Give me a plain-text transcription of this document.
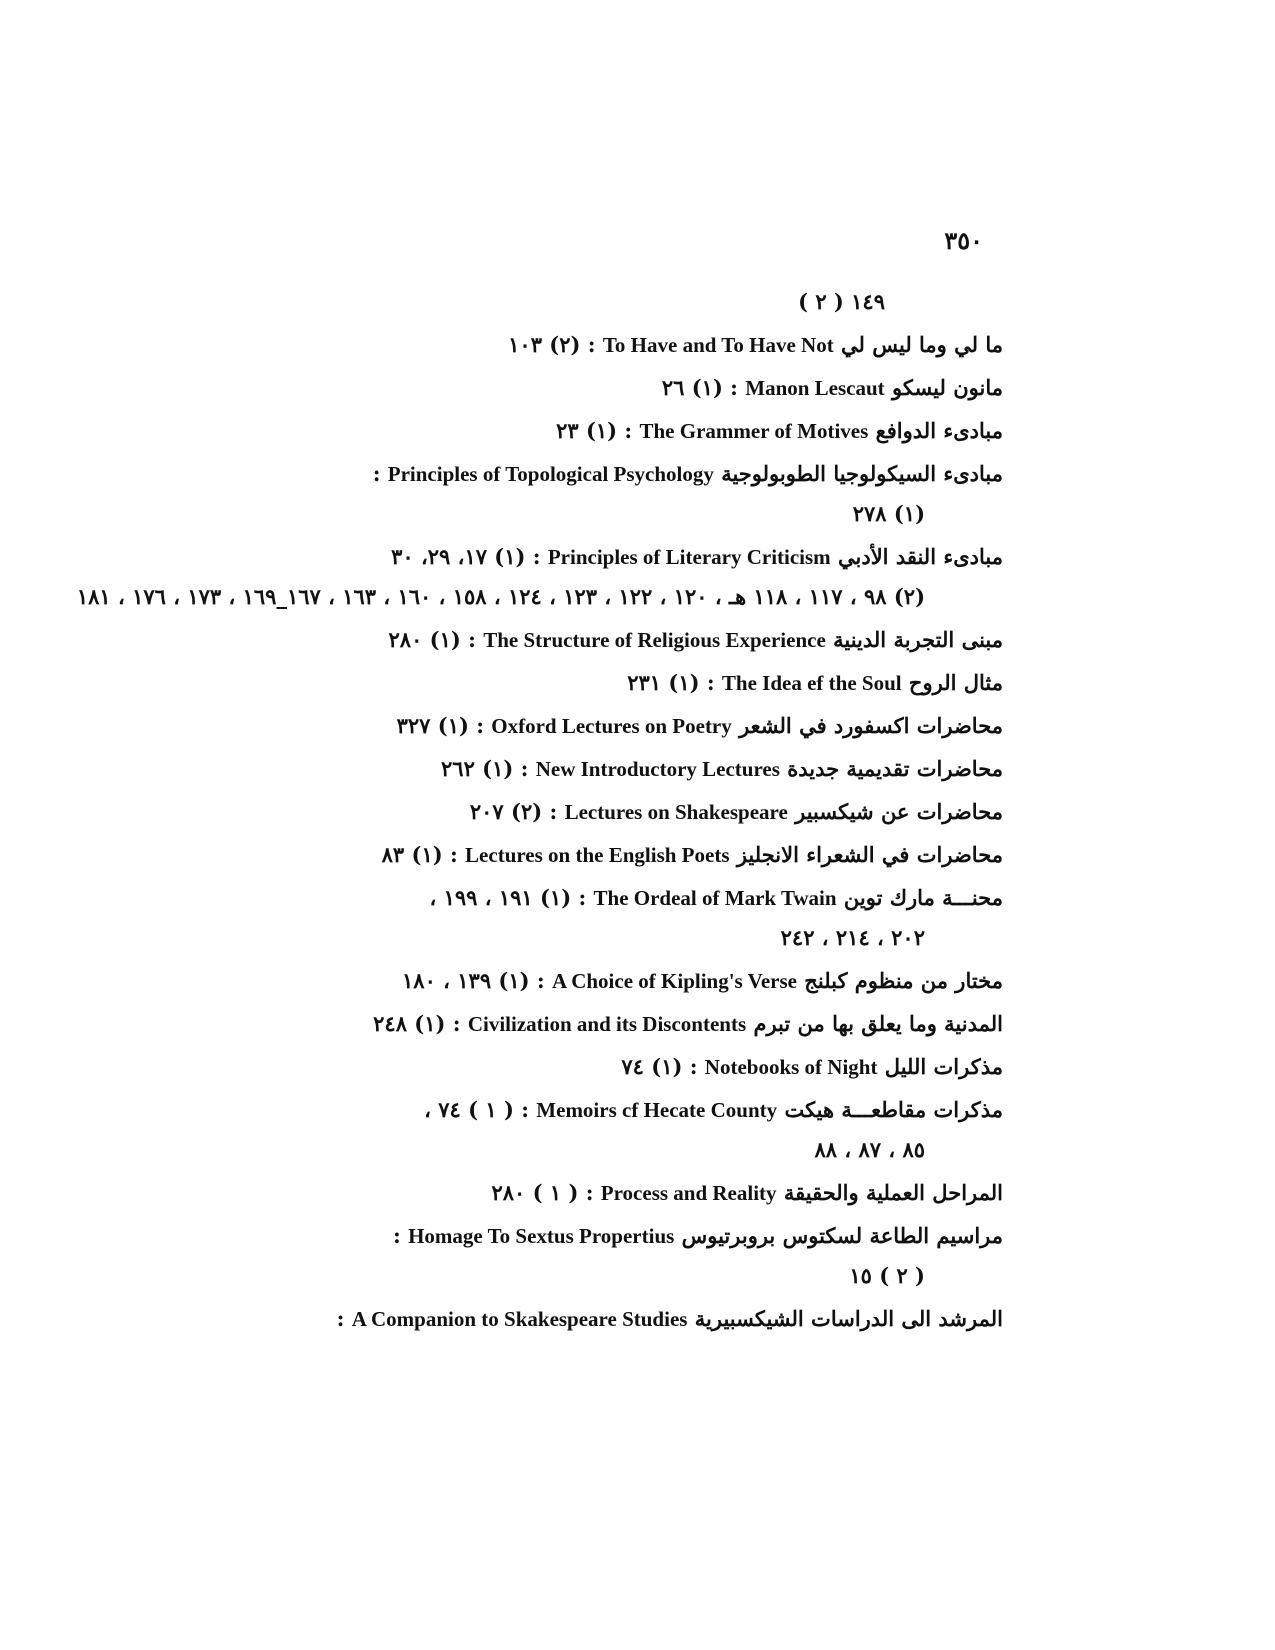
٣٥٠
١٤٩ ( ٢ )
ما لي وما ليس لي To Have and To Have Not : (٢) ١٠٣
مانون ليسكو Manon Lescaut : (١) ٢٦
مبادىء الدوافع The Grammer of Motives : (١) ٢٣
مبادىء السيكولوجيا الطوبولوجية Principles of Topological Psychology :
(١) ٢٧٨
مبادىء النقد الأدبي Principles of Literary Criticism : (١) ١٧، ٢٩، ٣٠
(٢) ٩٨ ، ١١٧ ، ١١٨ هـ ، ١٢٠ ، ١٢٢ ، ١٢٣ ، ١٢٤ ، ١٥٨ ، ١٦٠ ، ١٦٣ ، ١٦٧_١٦٩ ، ١٧٣ ، ١٧٦ ، ١٨١
مبنى التجربة الدينية The Structure of Religious Experience : (١) ٢٨٠
مثال الروح The Idea ef the Soul : (١) ٢٣١
محاضرات اكسفورد في الشعر Oxford Lectures on Poetry : (١) ٣٢٧
محاضرات تقديمية جديدة New Introductory Lectures : (١) ٢٦٢
محاضرات عن شيكسبير Lectures on Shakespeare : (٢) ٢٠٧
محاضرات في الشعراء الانجليز Lectures on the English Poets : (١) ٨٣
محنـــة مارك توين The Ordeal of Mark Twain : (١) ١٩١ ، ١٩٩ ،
٢٠٢ ، ٢١٤ ، ٢٤٢
مختار من منظوم كبلنج A Choice of Kipling's Verse : (١) ١٣٩ ، ١٨٠
المدنية وما يعلق بها من تبرم Civilization and its Discontents : (١) ٢٤٨
مذكرات الليل Notebooks of Night : (١) ٧٤
مذكرات مقاطعـــة هيكت Memoirs cf Hecate County : ( ١ ) ٧٤ ،
٨٥ ، ٨٧ ، ٨٨
المراحل العملية والحقيقة Process and Reality : ( ١ ) ٢٨٠
مراسيم الطاعة لسكتوس بروبرتيوس Homage To Sextus Propertius :
( ٢ ) ١٥
المرشد الى الدراسات الشيكسبيرية A Companion to Skakespeare Studies :
